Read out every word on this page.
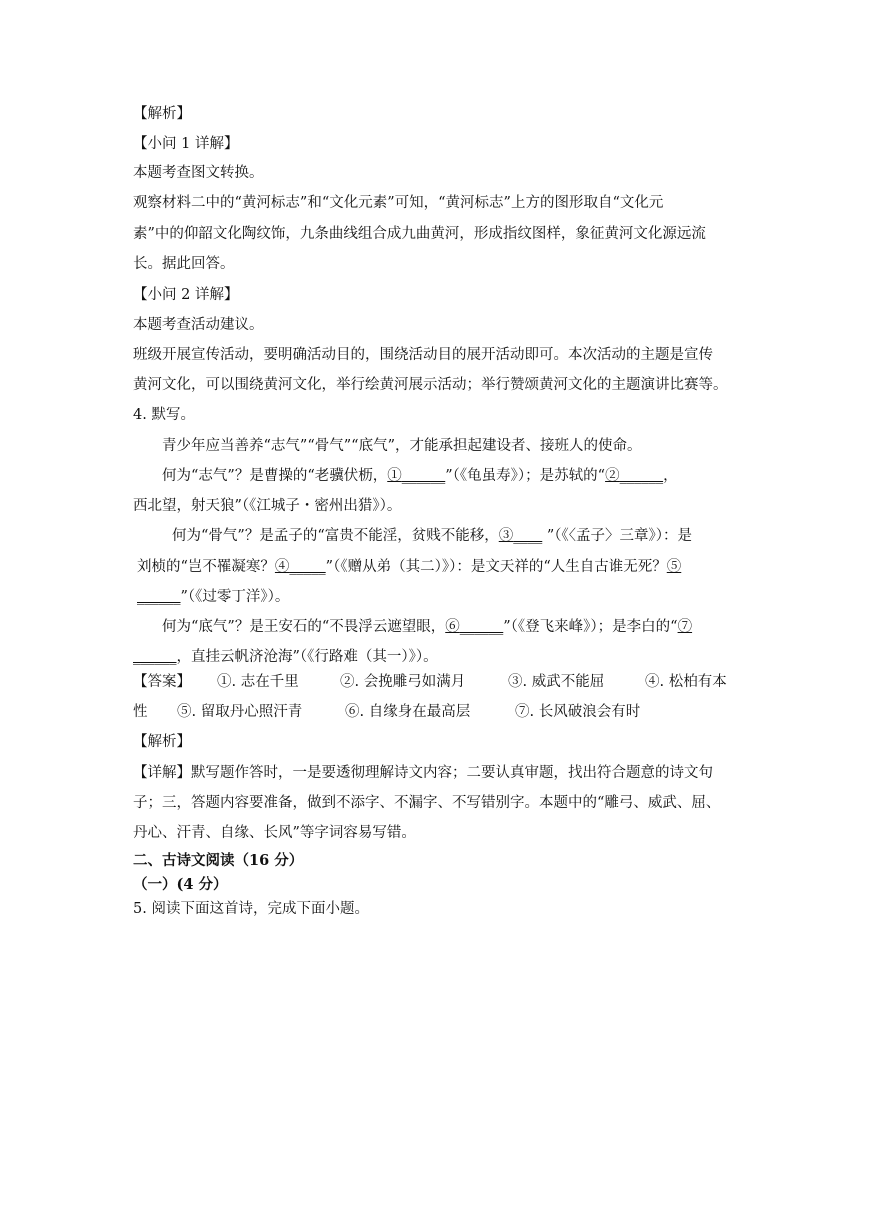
【解析】
【小问 1 详解】
本题考查图文转换。
观察材料二中的“黄河标志”和“文化元素”可知，“黄河标志”上方的图形取自“文化元
素”中的仰韶文化陶纹饰，九条曲线组合成九曲黄河，形成指纹图样，象征黄河文化源远流
长。据此回答。
【小问 2 详解】
本题考查活动建议。
班级开展宣传活动，要明确活动目的，围绕活动目的展开活动即可。本次活动的主题是宣传
黄河文化，可以围绕黄河文化，举行绘黄河展示活动；举行赞颂黄河文化的主题演讲比赛等。
4. 默写。
青少年应当善养“志气”“骨气”“底气”，才能承担起建设者、接班人的使命。
何为“志气”？是曹操的“老骥伏枥，①______”（《龟虽寿》）；是苏轼的“②______，
西北望，射天狼”（《江城子・密州出猎》）。
何为“骨气”？是孟子的“富贵不能淫，贫贱不能移，③____ ”（《〈孟子〉三章》）：是
刘桢的“岂不罹凝寒？④_____”（《赠从弟（其二）》）：是文天祥的“人生自古谁无死？⑤
______”（《过零丁洋》）。
何为“底气”？是王安石的“不畏浮云遮望眼，⑥______”（《登飞来峰》）；是李白的“⑦
______，直挂云帆济沧海”（《行路难（其一）》）。
【答案】 ①. 志在千里	②. 会挽雕弓如满月	③. 威武不能屈	④. 松柏有本
性 ⑤. 留取丹心照汗青	⑥. 自缘身在最高层	⑦. 长风破浪会有时
【解析】
【详解】默写题作答时，一是要透彻理解诗文内容；二要认真审题，找出符合题意的诗文句
子；三，答题内容要准备，做到不添字、不漏字、不写错别字。本题中的“雕弓、威武、屈、
丹心、汗青、自缘、长风”等字词容易写错。
二、古诗文阅读（16 分）
（一）(4 分）
5. 阅读下面这首诗，完成下面小题。
